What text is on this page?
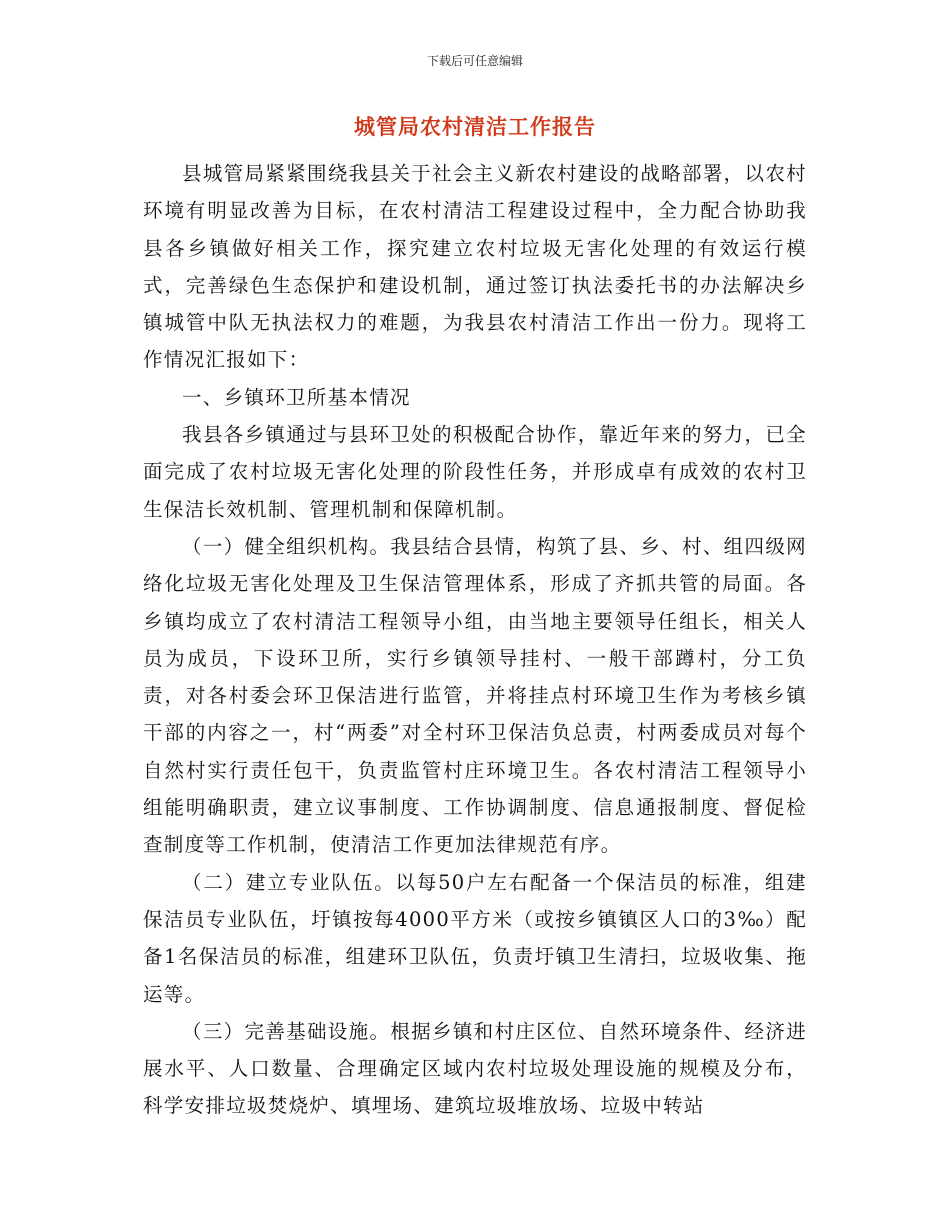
下载后可任意编辑
城管局农村清洁工作报告

县城管局紧紧围绕我县关于社会主义新农村建设的战略部署，以农村环境有明显改善为目标，在农村清洁工程建设过程中，全力配合协助我县各乡镇做好相关工作，探究建立农村垃圾无害化处理的有效运行模式，完善绿色生态保护和建设机制，通过签订执法委托书的办法解决乡镇城管中队无执法权力的难题，为我县农村清洁工作出一份力。现将工作情况汇报如下：

一、乡镇环卫所基本情况

我县各乡镇通过与县环卫处的积极配合协作，靠近年来的努力，已全面完成了农村垃圾无害化处理的阶段性任务，并形成卓有成效的农村卫生保洁长效机制、管理机制和保障机制。

（一）健全组织机构。我县结合县情，构筑了县、乡、村、组四级网络化垃圾无害化处理及卫生保洁管理体系，形成了齐抓共管的局面。各乡镇均成立了农村清洁工程领导小组，由当地主要领导任组长，相关人员为成员，下设环卫所，实行乡镇领导挂村、一般干部蹲村，分工负责，对各村委会环卫保洁进行监管，并将挂点村环境卫生作为考核乡镇干部的内容之一，村“两委”对全村环卫保洁负总责，村两委成员对每个自然村实行责任包干，负责监管村庄环境卫生。各农村清洁工程领导小组能明确职责，建立议事制度、工作协调制度、信息通报制度、督促检查制度等工作机制，使清洁工作更加法律规范有序。

（二）建立专业队伍。以每50户左右配备一个保洁员的标准，组建保洁员专业队伍，圩镇按每4000平方米（或按乡镇镇区人口的3‰）配备1名保洁员的标准，组建环卫队伍，负责圩镇卫生清扫，垃圾收集、拖运等。

（三）完善基础设施。根据乡镇和村庄区位、自然环境条件、经济进展水平、人口数量、合理确定区域内农村垃圾处理设施的规模及分布，科学安排垃圾焚烧炉、填埋场、建筑垃圾堆放场、垃圾中转站
